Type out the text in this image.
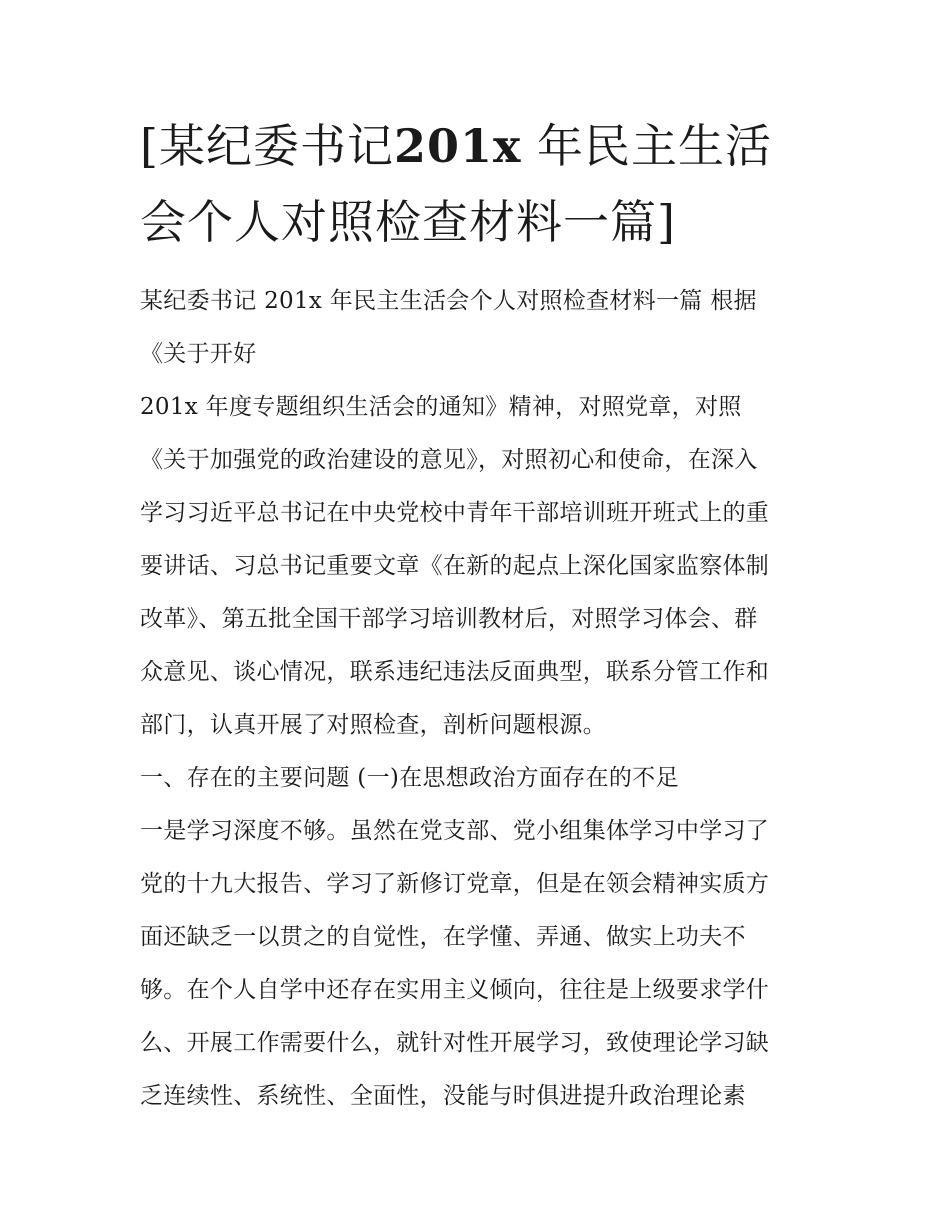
[某纪委书记201x 年民主生活
会个人对照检查材料一篇]
某纪委书记 201x 年民主生活会个人对照检查材料一篇 根据
《关于开好
201x 年度专题组织生活会的通知》精神，对照党章，对照
《关于加强党的政治建设的意见》，对照初心和使命，在深入
学习习近平总书记在中央党校中青年干部培训班开班式上的重
要讲话、习总书记重要文章《在新的起点上深化国家监察体制
改革》、第五批全国干部学习培训教材后，对照学习体会、群
众意见、谈心情况，联系违纪违法反面典型，联系分管工作和
部门，认真开展了对照检查，剖析问题根源。
一、存在的主要问题 (一)在思想政治方面存在的不足
一是学习深度不够。虽然在党支部、党小组集体学习中学习了
党的十九大报告、学习了新修订党章，但是在领会精神实质方
面还缺乏一以贯之的自觉性，在学懂、弄通、做实上功夫不
够。在个人自学中还存在实用主义倾向，往往是上级要求学什
么、开展工作需要什么，就针对性开展学习，致使理论学习缺
乏连续性、系统性、全面性，没能与时俱进提升政治理论素
